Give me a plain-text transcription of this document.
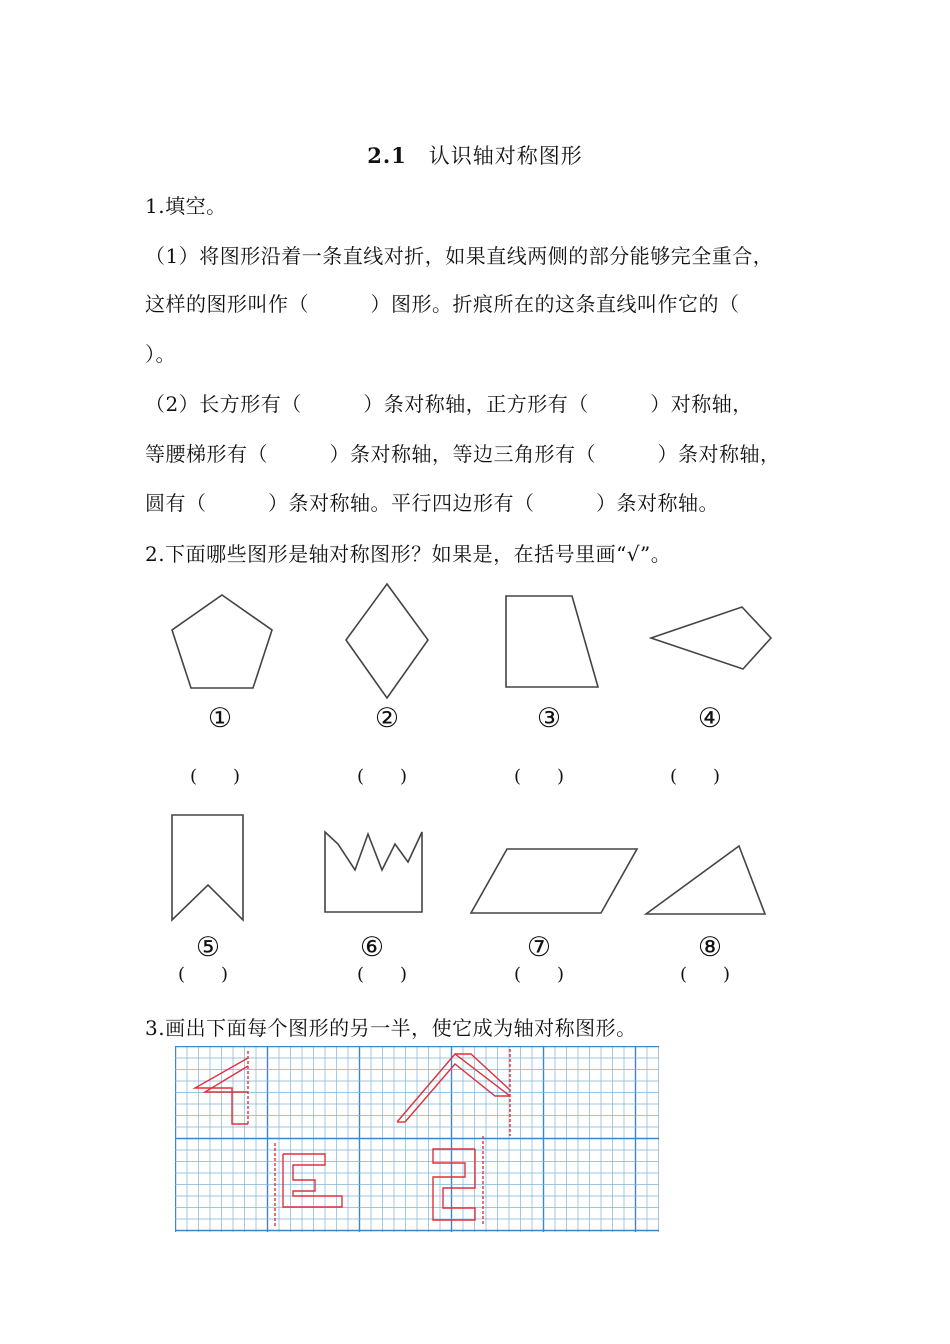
2.1 认识轴对称图形
1.填空。
（1）将图形沿着一条直线对折，如果直线两侧的部分能够完全重合，
这样的图形叫作（　　　）图形。折痕所在的这条直线叫作它的（
）。
（2）长方形有（　　　）条对称轴，正方形有（　　　）对称轴，
等腰梯形有（　　　）条对称轴，等边三角形有（　　　）条对称轴，
圆有（　　　）条对称轴。平行四边形有（　　　）条对称轴。
2.下面哪些图形是轴对称图形？如果是，在括号里画“√”。
①	②	③	④
(　　)	(　　)	(　　)	(　　)
⑤	⑥	⑦	⑧
(　　)	(　　)	(　　)	(　　)
3.画出下面每个图形的另一半，使它成为轴对称图形。
